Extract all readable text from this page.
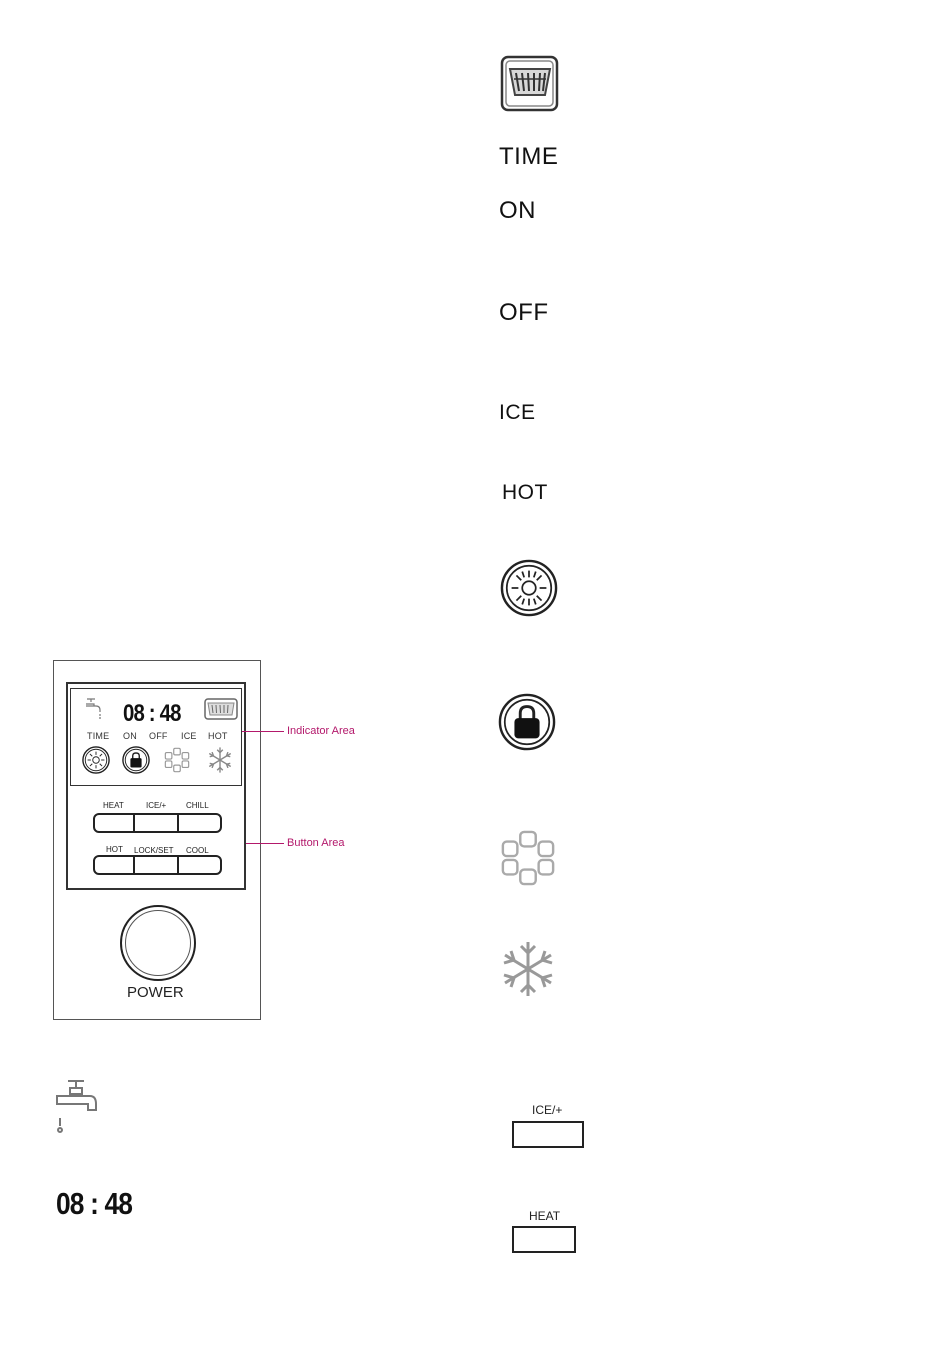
08 : 48
TIME ON OFF ICE HOT	Indicator Area
Button Area
HEAT	ICE/+ CHILL
HOT LOCK/SET COOL
POWER
08 : 48
TIME
ON
OFF
ICE
HOT
ICE/+
HEAT
